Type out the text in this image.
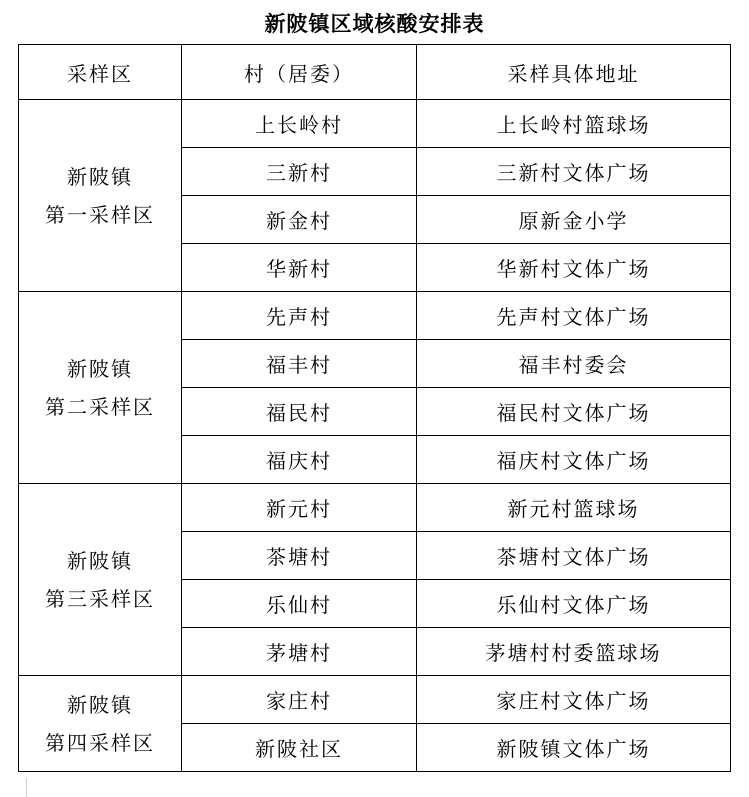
新陂镇区域核酸安排表
采样区	村（居委）	采样具体地址

新陂镇
第一采样区	上长岭村	上长岭村篮球场
	三新村	三新村文体广场
	新金村	原新金小学
	华新村	华新村文体广场

新陂镇
第二采样区	先声村	先声村文体广场
	福丰村	福丰村委会
	福民村	福民村文体广场
	福庆村	福庆村文体广场

新陂镇
第三采样区	新元村	新元村篮球场
	茶塘村	茶塘村文体广场
	乐仙村	乐仙村文体广场
	茅塘村	茅塘村村委篮球场

新陂镇
第四采样区	家庄村	家庄村文体广场
	新陂社区	新陂镇文体广场
